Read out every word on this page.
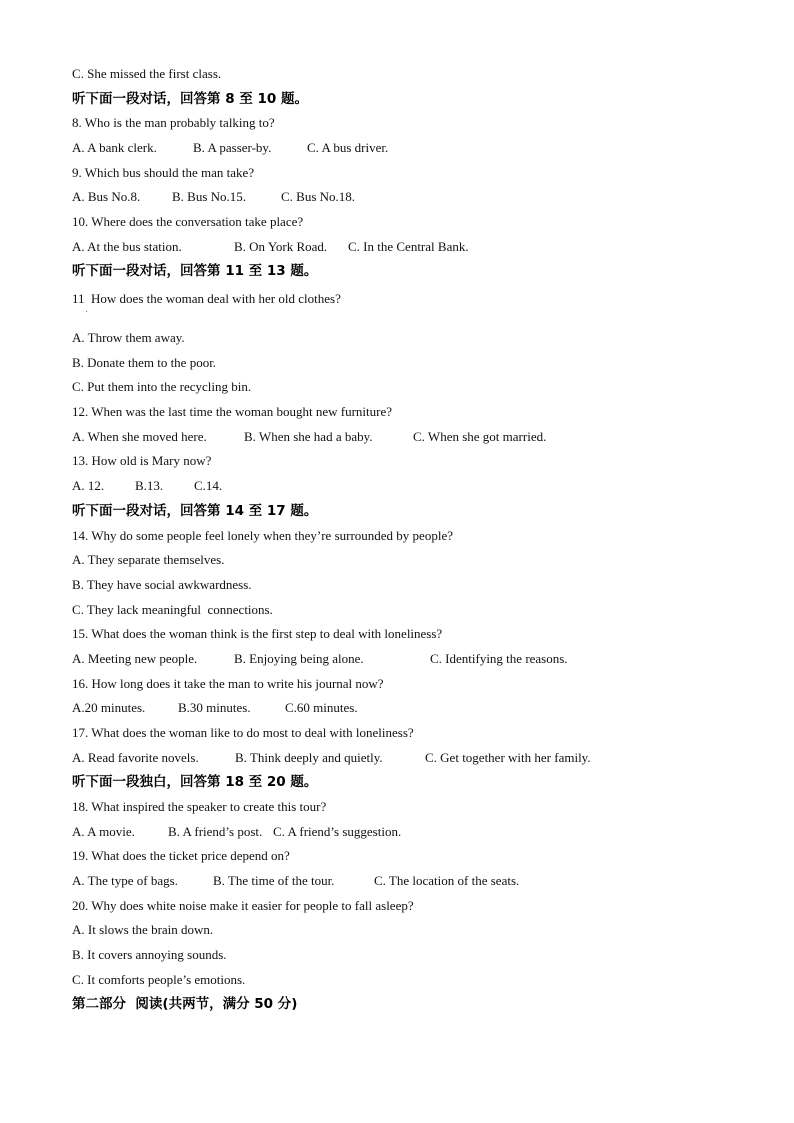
C. She missed the first class.
听下面一段对话，回答第 8 至 10 题。
8. Who is the man probably talking to?
A. A bank clerk.	B. A passer-by.	C. A bus driver.
9. Which bus should the man take?
A. Bus No.8. B. Bus No.15.	C. Bus No.18.
10. Where does the conversation take place?
A. At the bus station.	B. On York Road. C. In the Central Bank.
听下面一段对话，回答第 11 至 13 题。
11  How does the woman deal with her old clothes?
A. Throw them away.
B. Donate them to the poor.
C. Put them into the recycling bin.
12. When was the last time the woman bought new furniture?
A. When she moved here.	B. When she had a baby.	C. When she got married.
13. How old is Mary now?
A. 12. B.13. C.14.
听下面一段对话，回答第 14 至 17 题。
14. Why do some people feel lonely when they’re surrounded by people?
A. They separate themselves.
B. They have social awkwardness.
C. They lack meaningful  connections.
15. What does the woman think is the first step to deal with loneliness?
A. Meeting new people.	B. Enjoying being alone.	C. Identifying the reasons.
16. How long does it take the man to write his journal now?
A.20 minutes.	B.30 minutes.	C.60 minutes.
17. What does the woman like to do most to deal with loneliness?
A. Read favorite novels.	B. Think deeply and quietly.	C. Get together with her family.
听下面一段独白，回答第 18 至 20 题。
18. What inspired the speaker to create this tour?
A. A movie.	B. A friend’s post. C. A friend’s suggestion.
19. What does the ticket price depend on?
A. The type of bags.	B. The time of the tour.	C. The location of the seats.
20. Why does white noise make it easier for people to fall asleep?
A. It slows the brain down.
B. It covers annoying sounds.
C. It comforts people’s emotions.
第二部分  阅读(共两节，满分 50 分)
